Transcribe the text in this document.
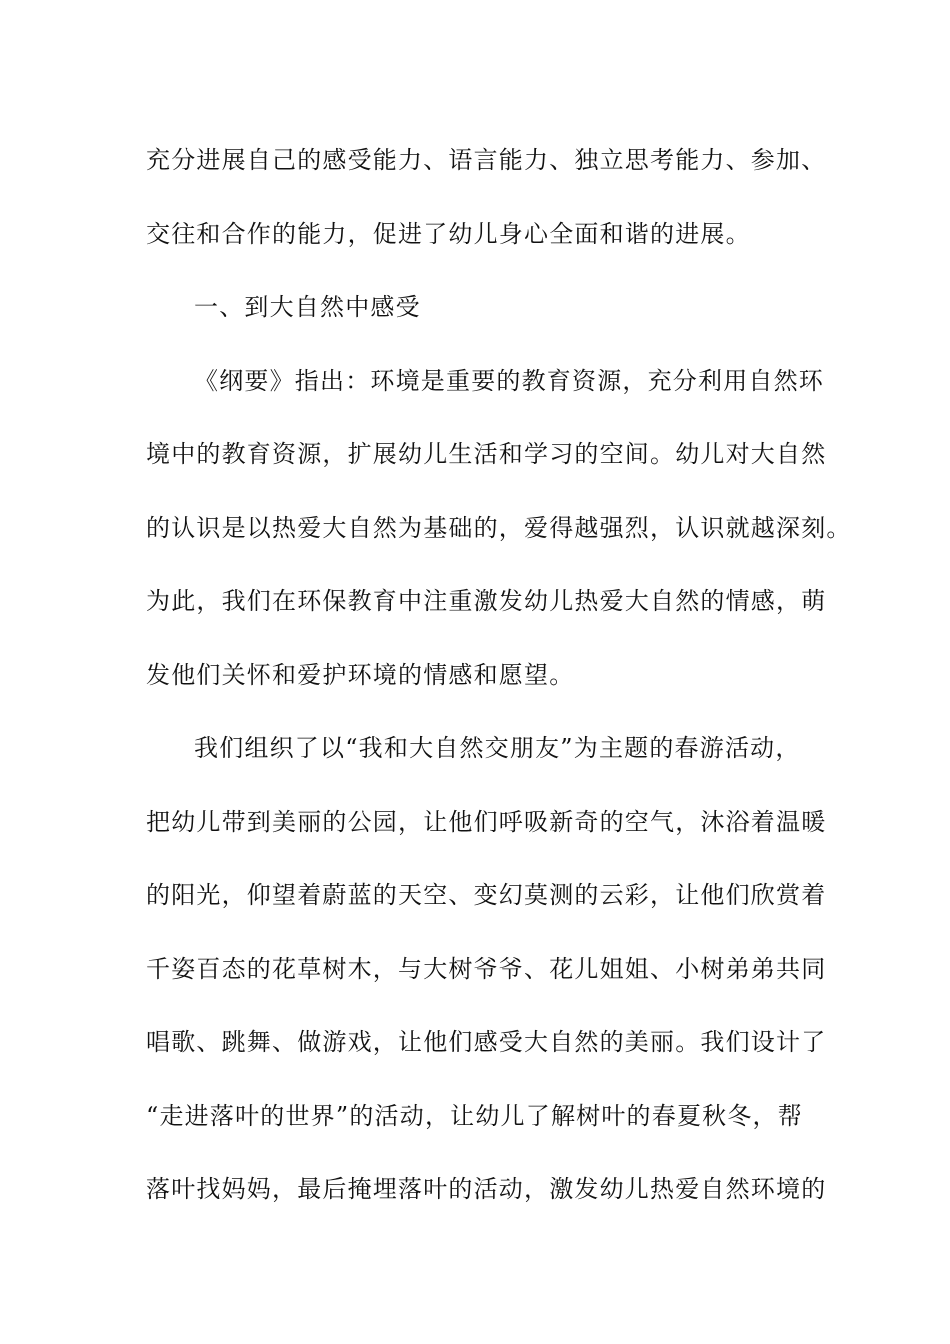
充分进展自己的感受能力、语言能力、独立思考能力、参加、
交往和合作的能力，促进了幼儿身心全面和谐的进展。
一、到大自然中感受
《纲要》指出：环境是重要的教育资源，充分利用自然环
境中的教育资源，扩展幼儿生活和学习的空间。幼儿对大自然
的认识是以热爱大自然为基础的，爱得越强烈，认识就越深刻。
为此，我们在环保教育中注重激发幼儿热爱大自然的情感，萌
发他们关怀和爱护环境的情感和愿望。
我们组织了以“我和大自然交朋友”为主题的春游活动，
把幼儿带到美丽的公园，让他们呼吸新奇的空气，沐浴着温暖
的阳光，仰望着蔚蓝的天空、变幻莫测的云彩，让他们欣赏着
千姿百态的花草树木，与大树爷爷、花儿姐姐、小树弟弟共同
唱歌、跳舞、做游戏，让他们感受大自然的美丽。我们设计了
“走进落叶的世界”的活动，让幼儿了解树叶的春夏秋冬，帮
落叶找妈妈，最后掩埋落叶的活动，激发幼儿热爱自然环境的
